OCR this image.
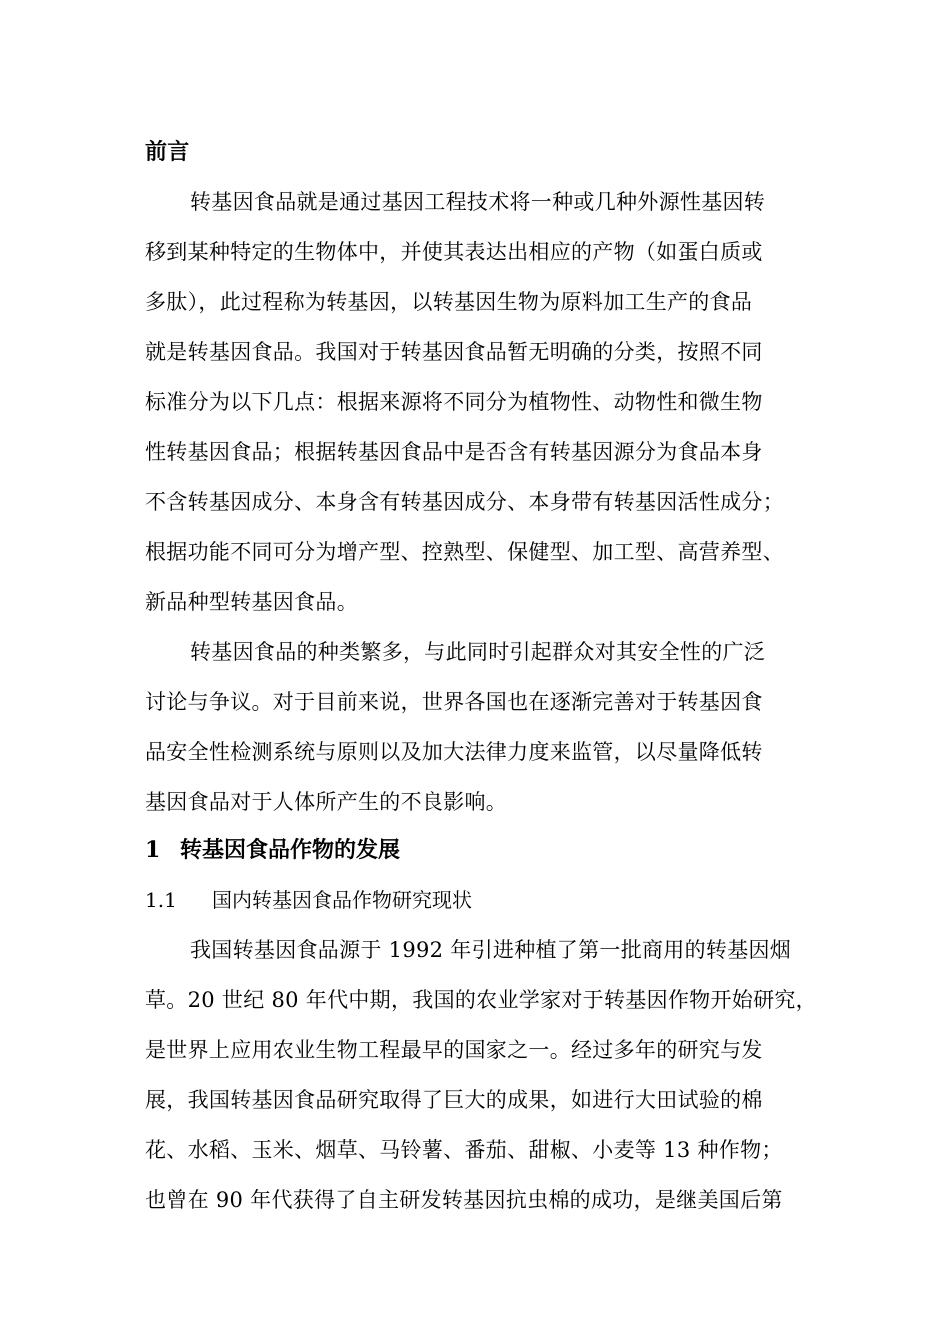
前言
转基因食品就是通过基因工程技术将一种或几种外源性基因转
移到某种特定的生物体中，并使其表达出相应的产物（如蛋白质或
多肽），此过程称为转基因，以转基因生物为原料加工生产的食品
就是转基因食品。我国对于转基因食品暂无明确的分类，按照不同
标准分为以下几点：根据来源将不同分为植物性、动物性和微生物
性转基因食品；根据转基因食品中是否含有转基因源分为食品本身
不含转基因成分、本身含有转基因成分、本身带有转基因活性成分；
根据功能不同可分为增产型、控熟型、保健型、加工型、高营养型、
新品种型转基因食品。
转基因食品的种类繁多，与此同时引起群众对其安全性的广泛
讨论与争议。对于目前来说，世界各国也在逐渐完善对于转基因食
品安全性检测系统与原则以及加大法律力度来监管，以尽量降低转
基因食品对于人体所产生的不良影响。
1 转基因食品作物的发展
1.1 国内转基因食品作物研究现状
我国转基因食品源于 1992 年引进种植了第一批商用的转基因烟
草。20 世纪 80 年代中期，我国的农业学家对于转基因作物开始研究，
是世界上应用农业生物工程最早的国家之一。经过多年的研究与发
展，我国转基因食品研究取得了巨大的成果，如进行大田试验的棉
花、水稻、玉米、烟草、马铃薯、番茄、甜椒、小麦等 13 种作物；
也曾在 90 年代获得了自主研发转基因抗虫棉的成功，是继美国后第
